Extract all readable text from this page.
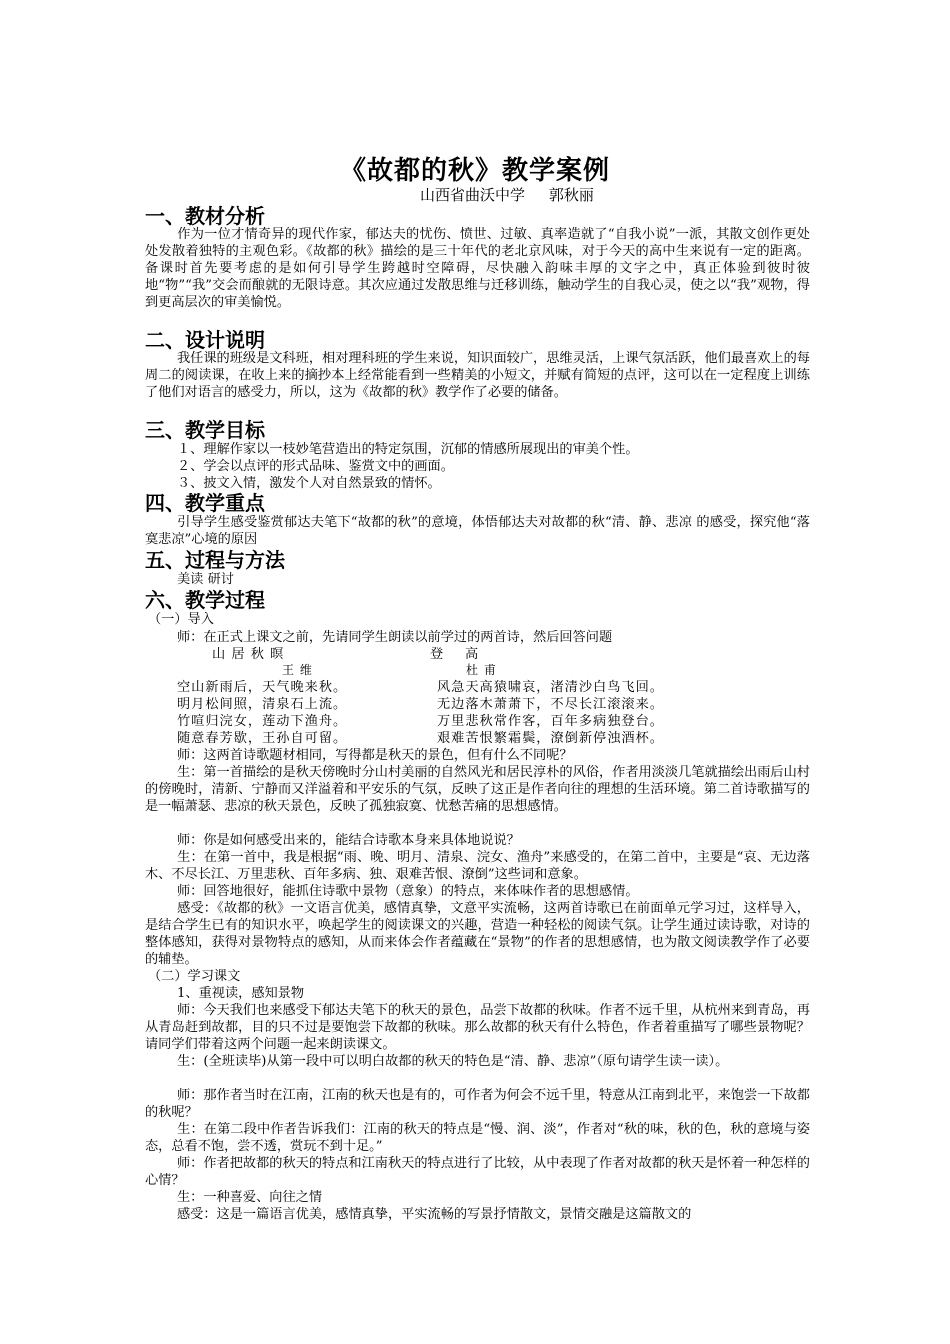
《故都的秋》教学案例
山西省曲沃中学     郭秋丽
一、教材分析
作为一位才情奇异的现代作家，郁达夫的忧伤、愤世、过敏、真率造就了“自我小说”一派，其散文创作更处处发散着独特的主观色彩。《故都的秋》描绘的是三十年代的老北京风味，对于今天的高中生来说有一定的距离。备课时首先要考虑的是如何引导学生跨越时空障碍，尽快融入韵味丰厚的文字之中，真正体验到彼时彼地“物”“我”交会而酿就的无限诗意。其次应通过发散思维与迁移训练，触动学生的自我心灵，使之以“我”观物，得到更高层次的审美愉悦。
二、设计说明
我任课的班级是文科班，相对理科班的学生来说，知识面较广，思维灵活，上课气氛活跃，他们最喜欢上的每周二的阅读课，在收上来的摘抄本上经常能看到一些精美的小短文，并赋有简短的点评，这可以在一定程度上训练了他们对语言的感受力，所以，这为《故都的秋》教学作了必要的储备。
三、教学目标
１、理解作家以一枝妙笔营造出的特定氛围，沉郁的情感所展现出的审美个性。
２、学会以点评的形式品味、鉴赏文中的画面。
３、披文入情，激发个人对自然景致的情怀。
四、教学重点
引导学生感受鉴赏郁达夫笔下“故都的秋”的意境，体悟郁达夫对故都的秋“清、静、悲凉 的感受，探究他“落寞悲凉”心境的原因
五、过程与方法
美读 研讨
六、教学过程
（一）导入
师：在正式上课文之前，先请同学生朗读以前学过的两首诗，然后回答问题
山 居 秋 暝	登    高
王 维	杜 甫
空山新雨后，天气晚来秋。
明月松间照，清泉石上流。
竹喧归浣女，莲动下渔舟。
随意春芳歇，王孙自可留。
风急天高猿啸哀，渚清沙白鸟飞回。
无边落木萧萧下，不尽长江滚滚来。
万里悲秋常作客，百年多病独登台。
艰难苦恨繁霜鬓，潦倒新停浊酒杯。
师：这两首诗歌题材相同，写得都是秋天的景色，但有什么不同呢？
生：第一首描绘的是秋天傍晚时分山村美丽的自然风光和居民淳朴的风俗，作者用淡淡几笔就描绘出雨后山村的傍晚时，清新、宁静而又洋溢着和平安乐的气氛，反映了这正是作者向往的理想的生活环境。第二首诗歌描写的是一幅萧瑟、悲凉的秋天景色，反映了孤独寂寞、忧愁苦痛的思想感情。
师：你是如何感受出来的，能结合诗歌本身来具体地说说？
生：在第一首中，我是根据“雨、晚、明月、清泉、浣女、渔舟”来感受的，在第二首中，主要是“哀、无边落木、不尽长江、万里悲秋、百年多病、独、艰难苦恨、潦倒”这些词和意象。
师：回答地很好，能抓住诗歌中景物（意象）的特点，来体味作者的思想感情。
感受：《故都的秋》一文语言优美，感情真挚，文意平实流畅，这两首诗歌已在前面单元学习过，这样导入，是结合学生已有的知识水平，唤起学生的阅读课文的兴趣，营造一种轻松的阅读气氛。让学生通过读诗歌，对诗的整体感知，获得对景物特点的感知，从而来体会作者蕴藏在“景物”的作者的思想感情，也为散文阅读教学作了必要的辅垫。
（二）学习课文
1、重视读，感知景物
师：今天我们也来感受下郁达夫笔下的秋天的景色，品尝下故都的秋味。作者不远千里，从杭州来到青岛，再从青岛赶到故都，目的只不过是要饱尝下故都的秋味。那么故都的秋天有什么特色，作者着重描写了哪些景物呢？请同学们带着这两个问题一起来朗读课文。
生：(全班读毕)从第一段中可以明白故都的秋天的特色是“清、静、悲凉”（原句请学生读一读）。
师：那作者当时在江南，江南的秋天也是有的，可作者为何会不远千里，特意从江南到北平，来饱尝一下故都的秋呢？
生：在第二段中作者告诉我们：江南的秋天的特点是“慢、润、淡”，作者对“秋的味，秋的色，秋的意境与姿态，总看不饱，尝不透，赏玩不到十足。”
师：作者把故都的秋天的特点和江南秋天的特点进行了比较，从中表现了作者对故都的秋天是怀着一种怎样的心情？
生：一种喜爱、向往之情
感受：这是一篇语言优美，感情真挚，平实流畅的写景抒情散文，景情交融是这篇散文的
